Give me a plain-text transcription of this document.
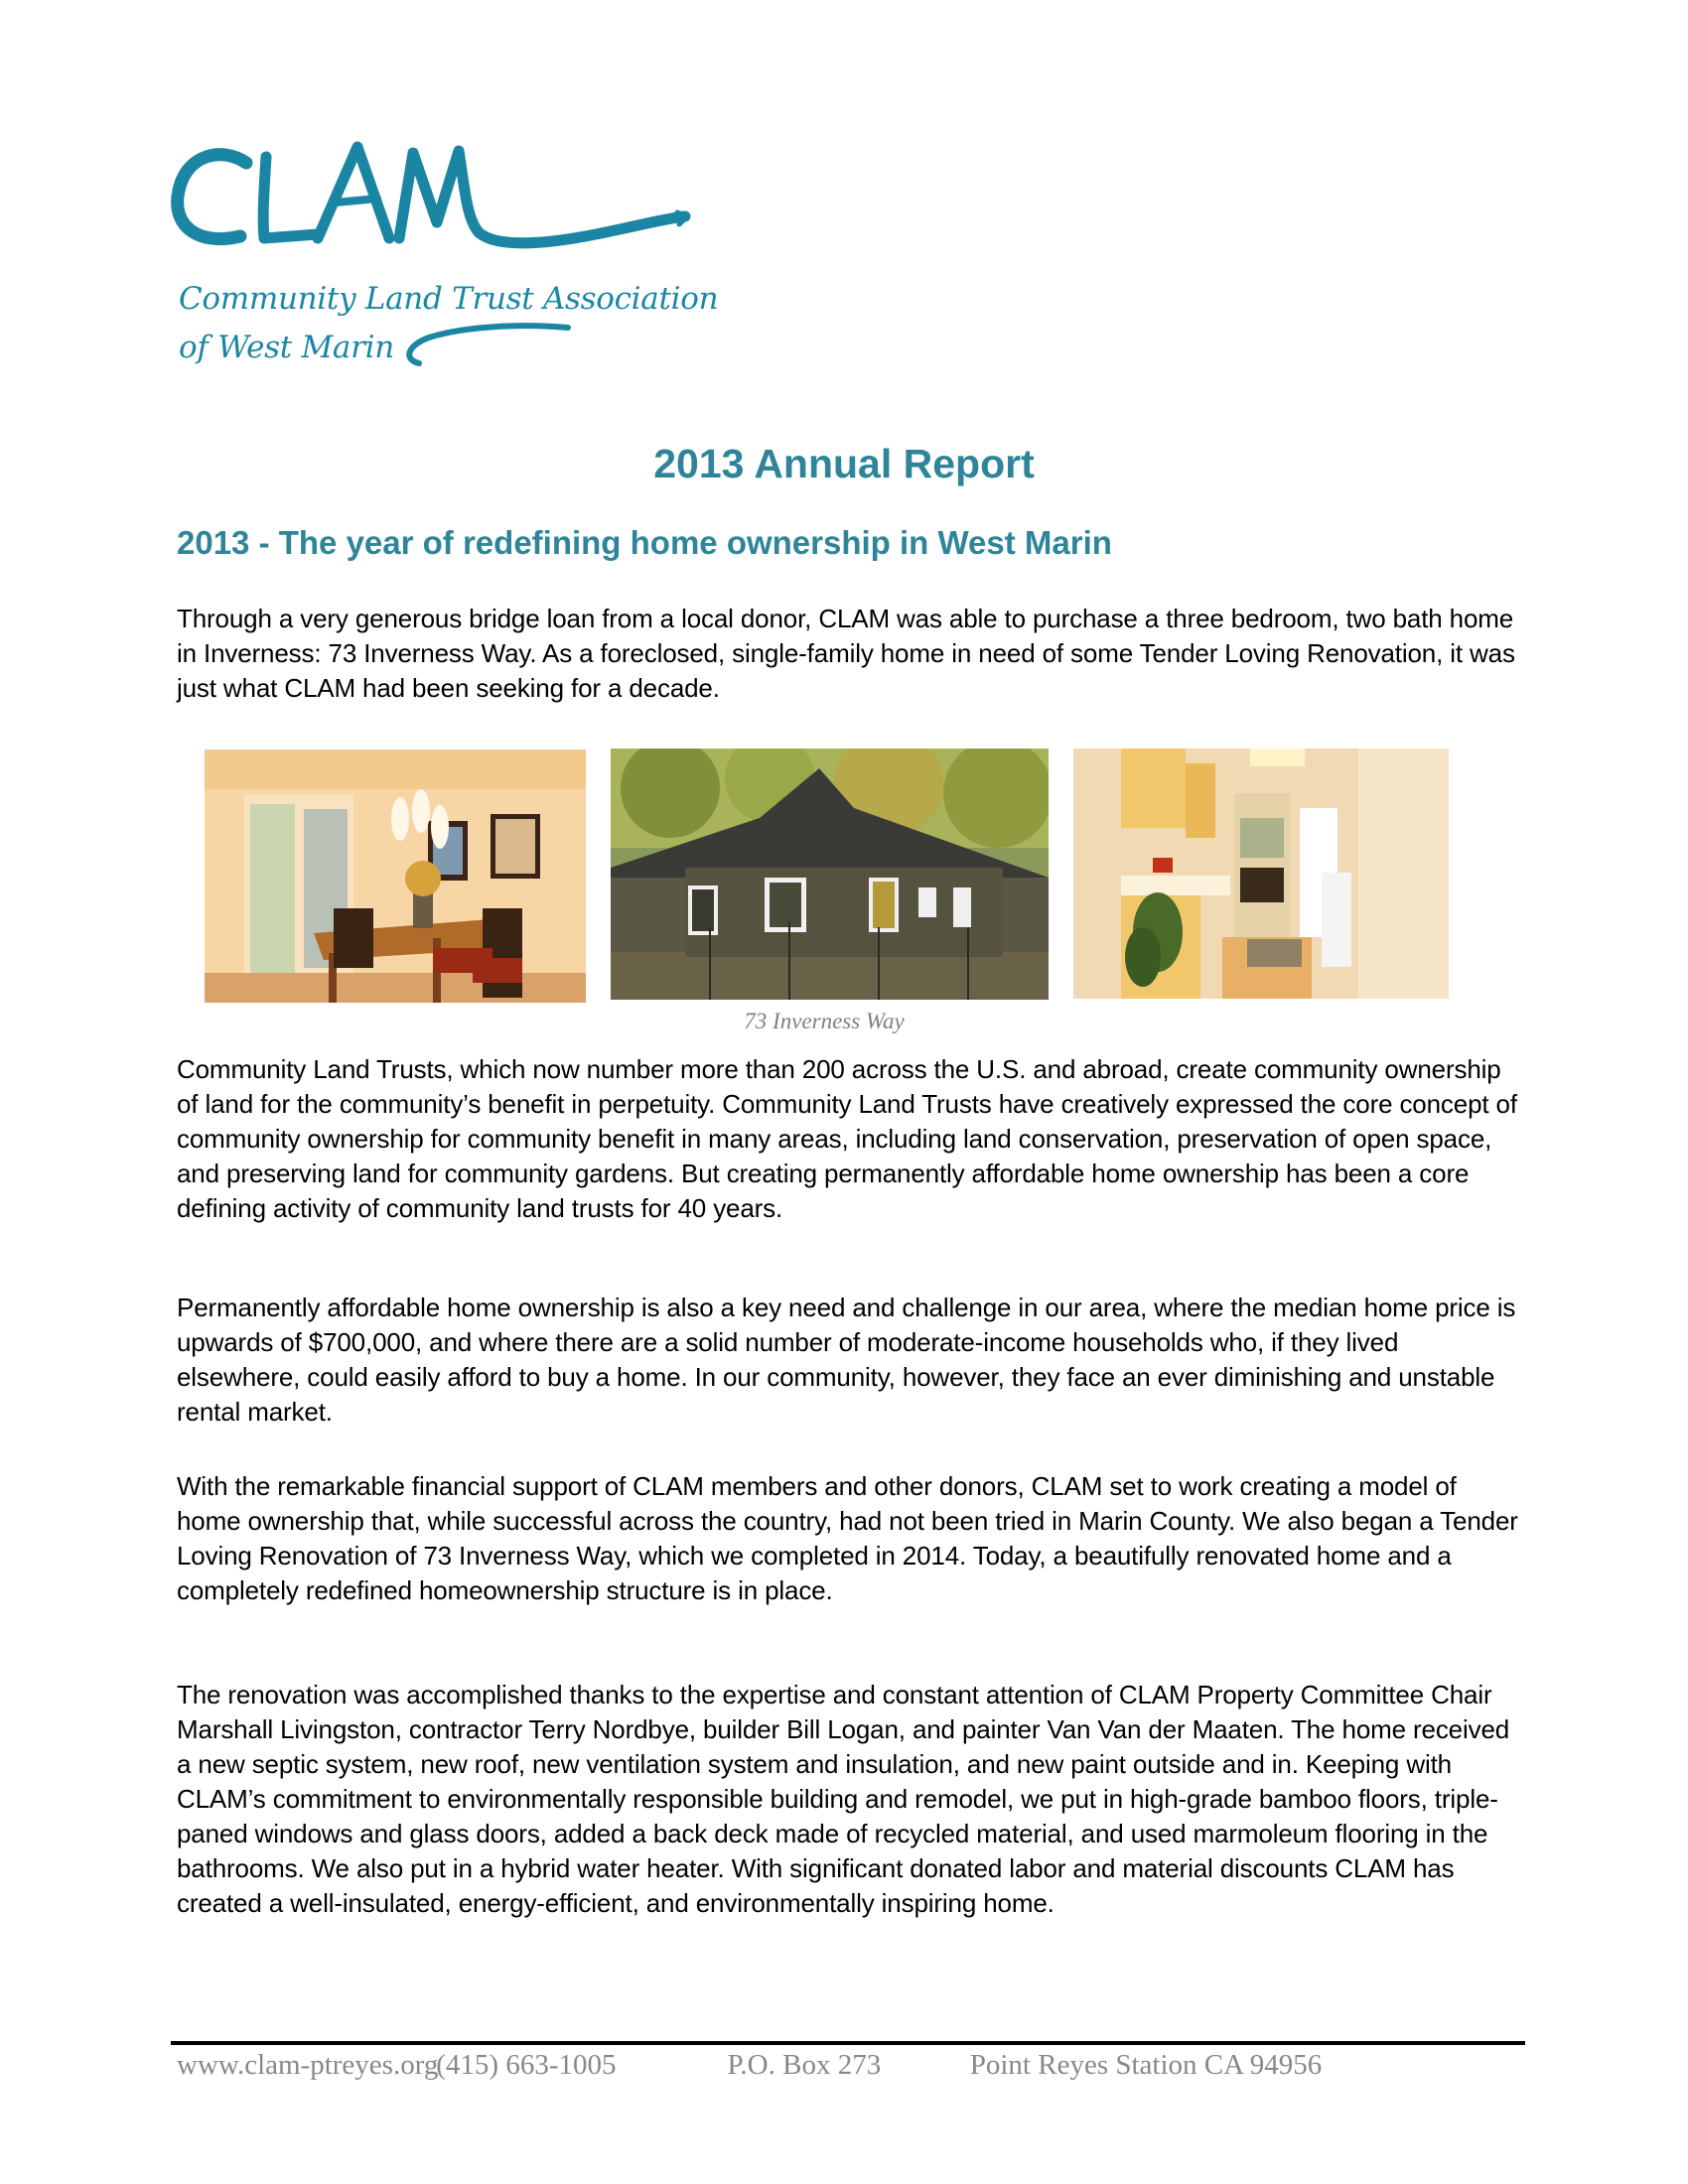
Community Land Trust Association
of West Marin
2013 Annual Report
2013 - The year of redefining home ownership in West Marin

Through a very generous bridge loan from a local donor, CLAM was able to purchase a three bedroom, two bath home in Inverness: 73 Inverness Way. As a foreclosed, single-family home in need of some Tender Loving Renovation, it was just what CLAM had been seeking for a decade.

73 Inverness Way

Community Land Trusts, which now number more than 200 across the U.S. and abroad, create community ownership of land for the community’s benefit in perpetuity. Community Land Trusts have creatively expressed the core concept of community ownership for community benefit in many areas, including land conservation, preservation of open space, and preserving land for community gardens. But creating permanently affordable home ownership has been a core defining activity of community land trusts for 40 years.

Permanently affordable home ownership is also a key need and challenge in our area, where the median home price is upwards of $700,000, and where there are a solid number of moderate-income households who, if they lived elsewhere, could easily afford to buy a home. In our community, however, they face an ever diminishing and unstable rental market.

With the remarkable financial support of CLAM members and other donors, CLAM set to work creating a model of home ownership that, while successful across the country, had not been tried in Marin County. We also began a Tender Loving Renovation of 73 Inverness Way, which we completed in 2014. Today, a beautifully renovated home and a completely redefined homeownership structure is in place.

The renovation was accomplished thanks to the expertise and constant attention of CLAM Property Committee Chair Marshall Livingston, contractor Terry Nordbye, builder Bill Logan, and painter Van Van der Maaten. The home received a new septic system, new roof, new ventilation system and insulation, and new paint outside and in. Keeping with CLAM’s commitment to environmentally responsible building and remodel, we put in high-grade bamboo floors, triple-paned windows and glass doors, added a back deck made of recycled material, and used marmoleum flooring in the bathrooms. We also put in a hybrid water heater. With significant donated labor and material discounts CLAM has created a well-insulated, energy-efficient, and environmentally inspiring home.

www.clam-ptreyes.org (415) 663-1005	P.O. Box 273	Point Reyes Station CA 94956
